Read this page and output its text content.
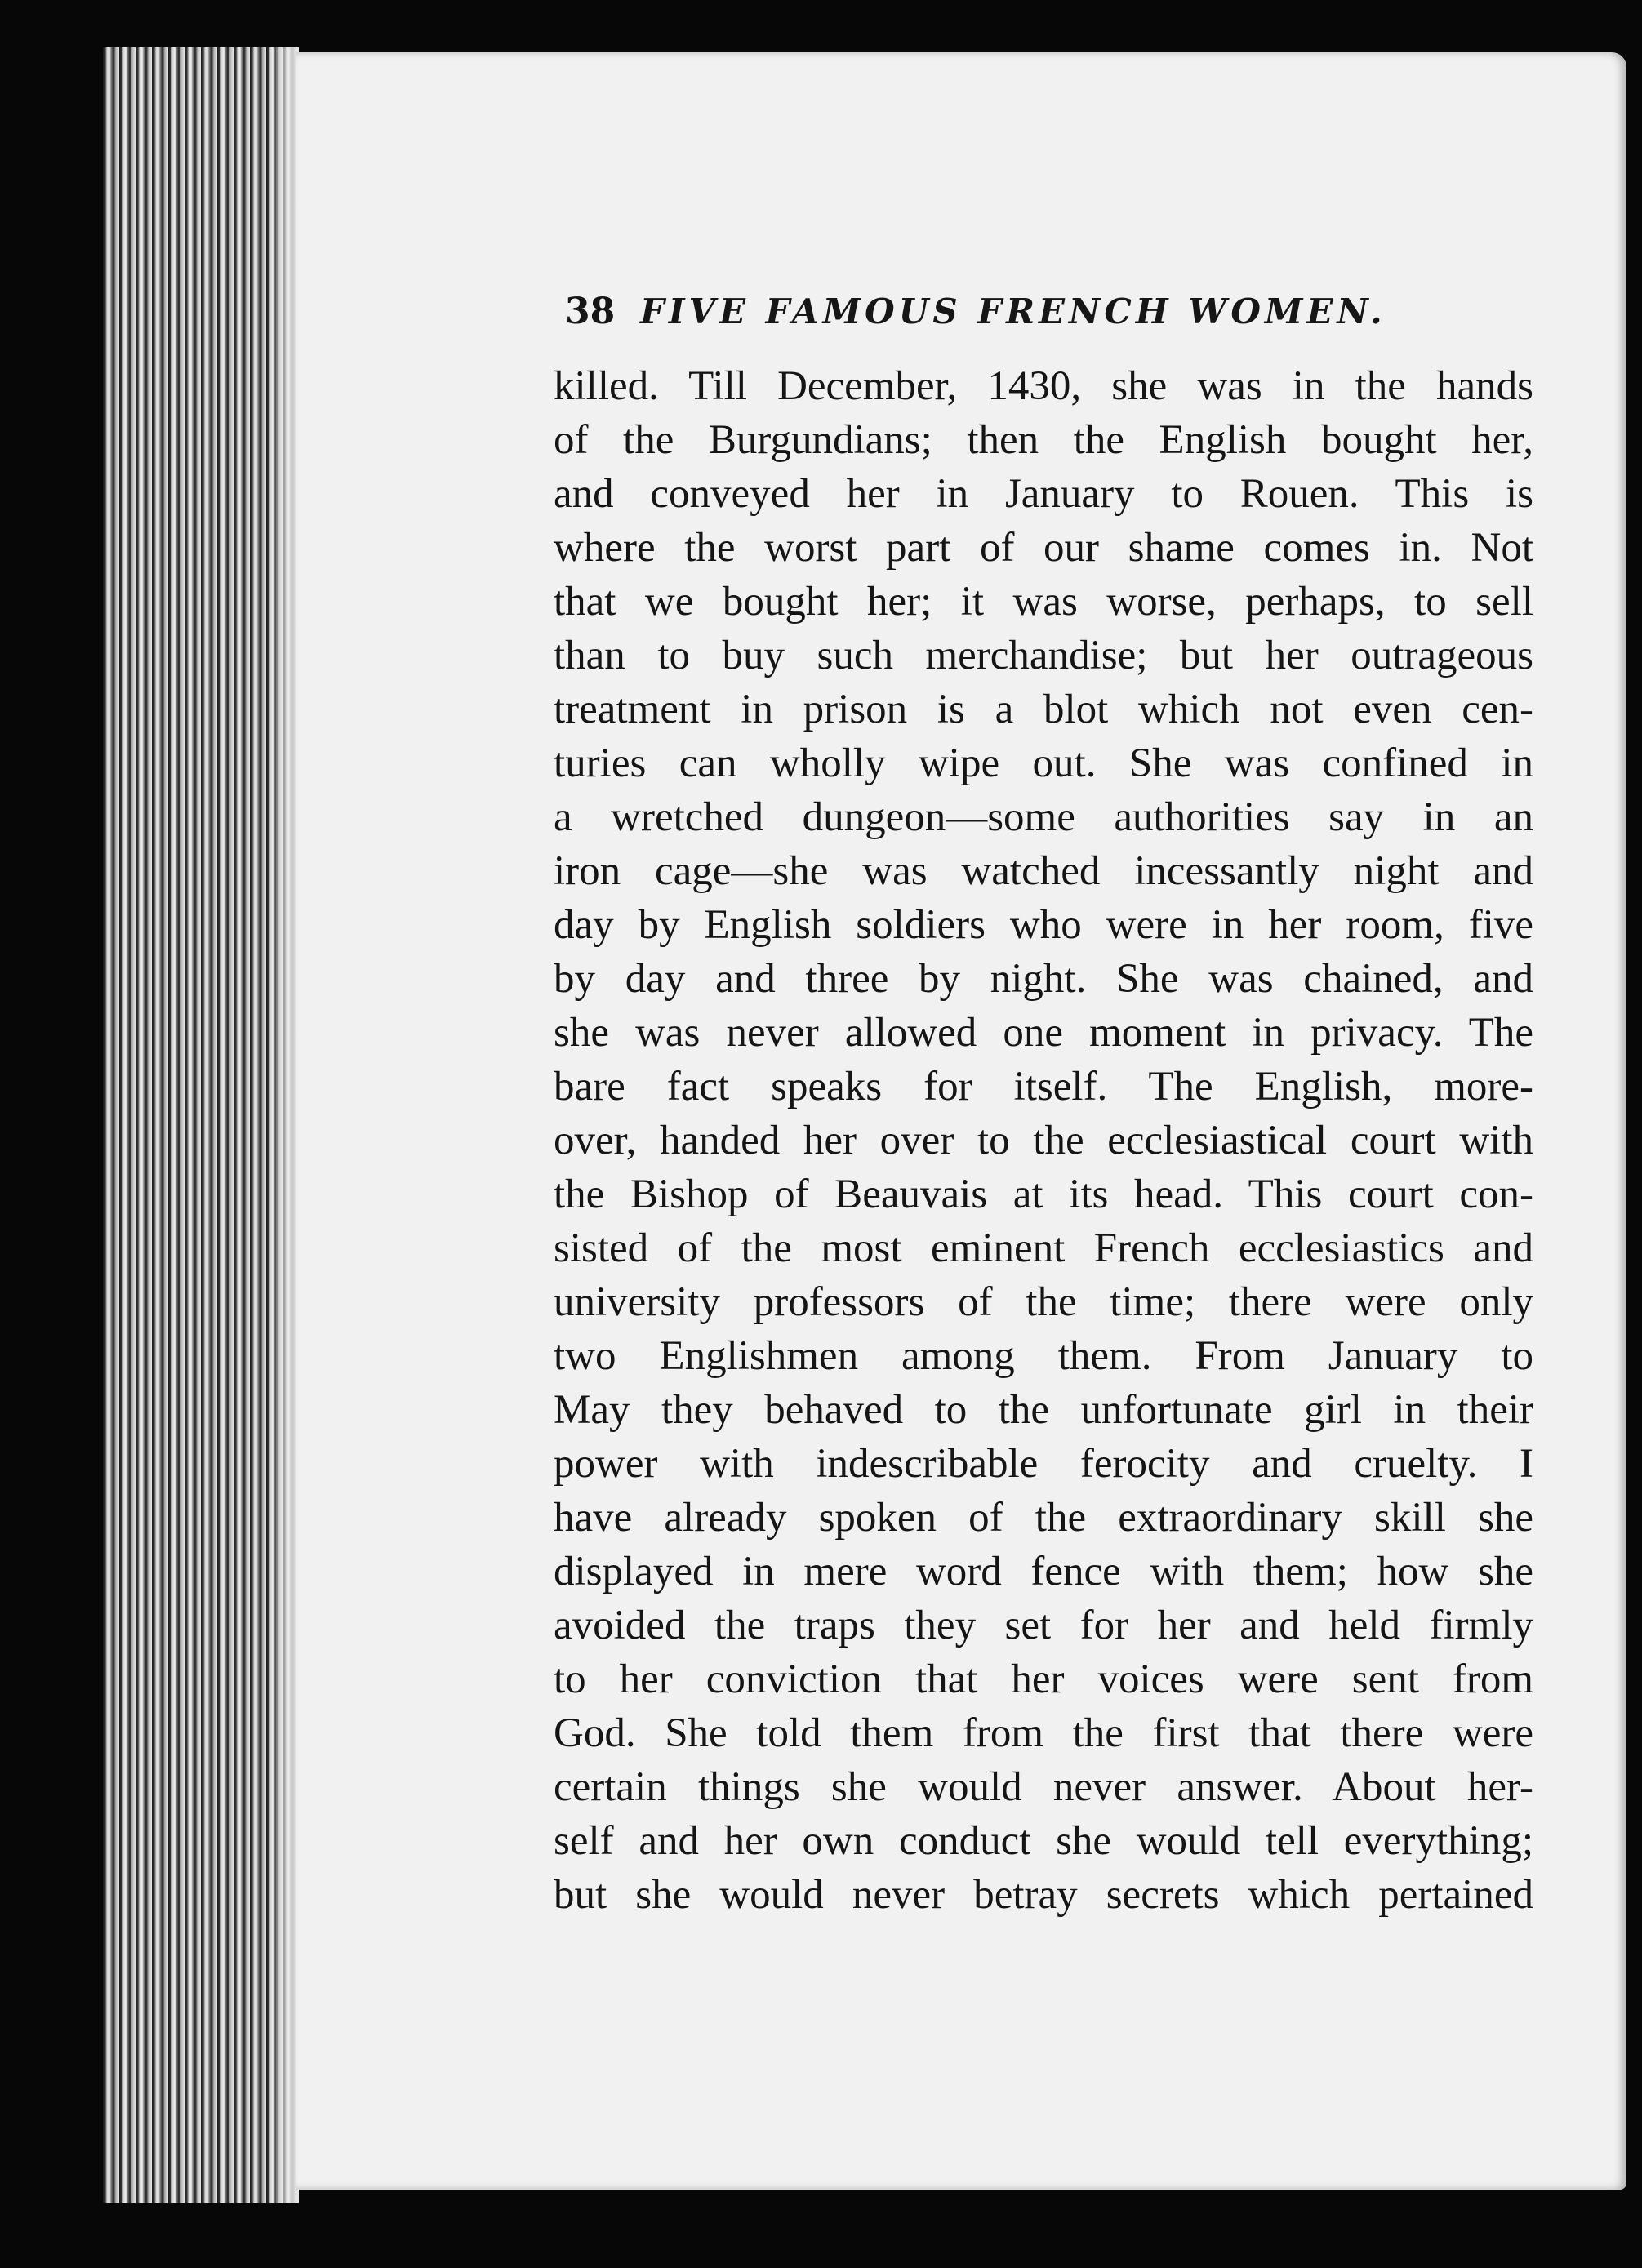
38 FIVE FAMOUS FRENCH WOMEN.
killed. Till December, 1430, she was in the hands
of the Burgundians; then the English bought her,
and conveyed her in January to Rouen. This is
where the worst part of our shame comes in. Not
that we bought her; it was worse, perhaps, to sell
than to buy such merchandise; but her outrageous
treatment in prison is a blot which not even cen-
turies can wholly wipe out. She was confined in
a wretched dungeon—some authorities say in an
iron cage—she was watched incessantly night and
day by English soldiers who were in her room, five
by day and three by night. She was chained, and
she was never allowed one moment in privacy. The
bare fact speaks for itself. The English, more-
over, handed her over to the ecclesiastical court with
the Bishop of Beauvais at its head. This court con-
sisted of the most eminent French ecclesiastics and
university professors of the time; there were only
two Englishmen among them. From January to
May they behaved to the unfortunate girl in their
power with indescribable ferocity and cruelty. I
have already spoken of the extraordinary skill she
displayed in mere word fence with them; how she
avoided the traps they set for her and held firmly
to her conviction that her voices were sent from
God. She told them from the first that there were
certain things she would never answer. About her-
self and her own conduct she would tell everything;
but she would never betray secrets which pertained
